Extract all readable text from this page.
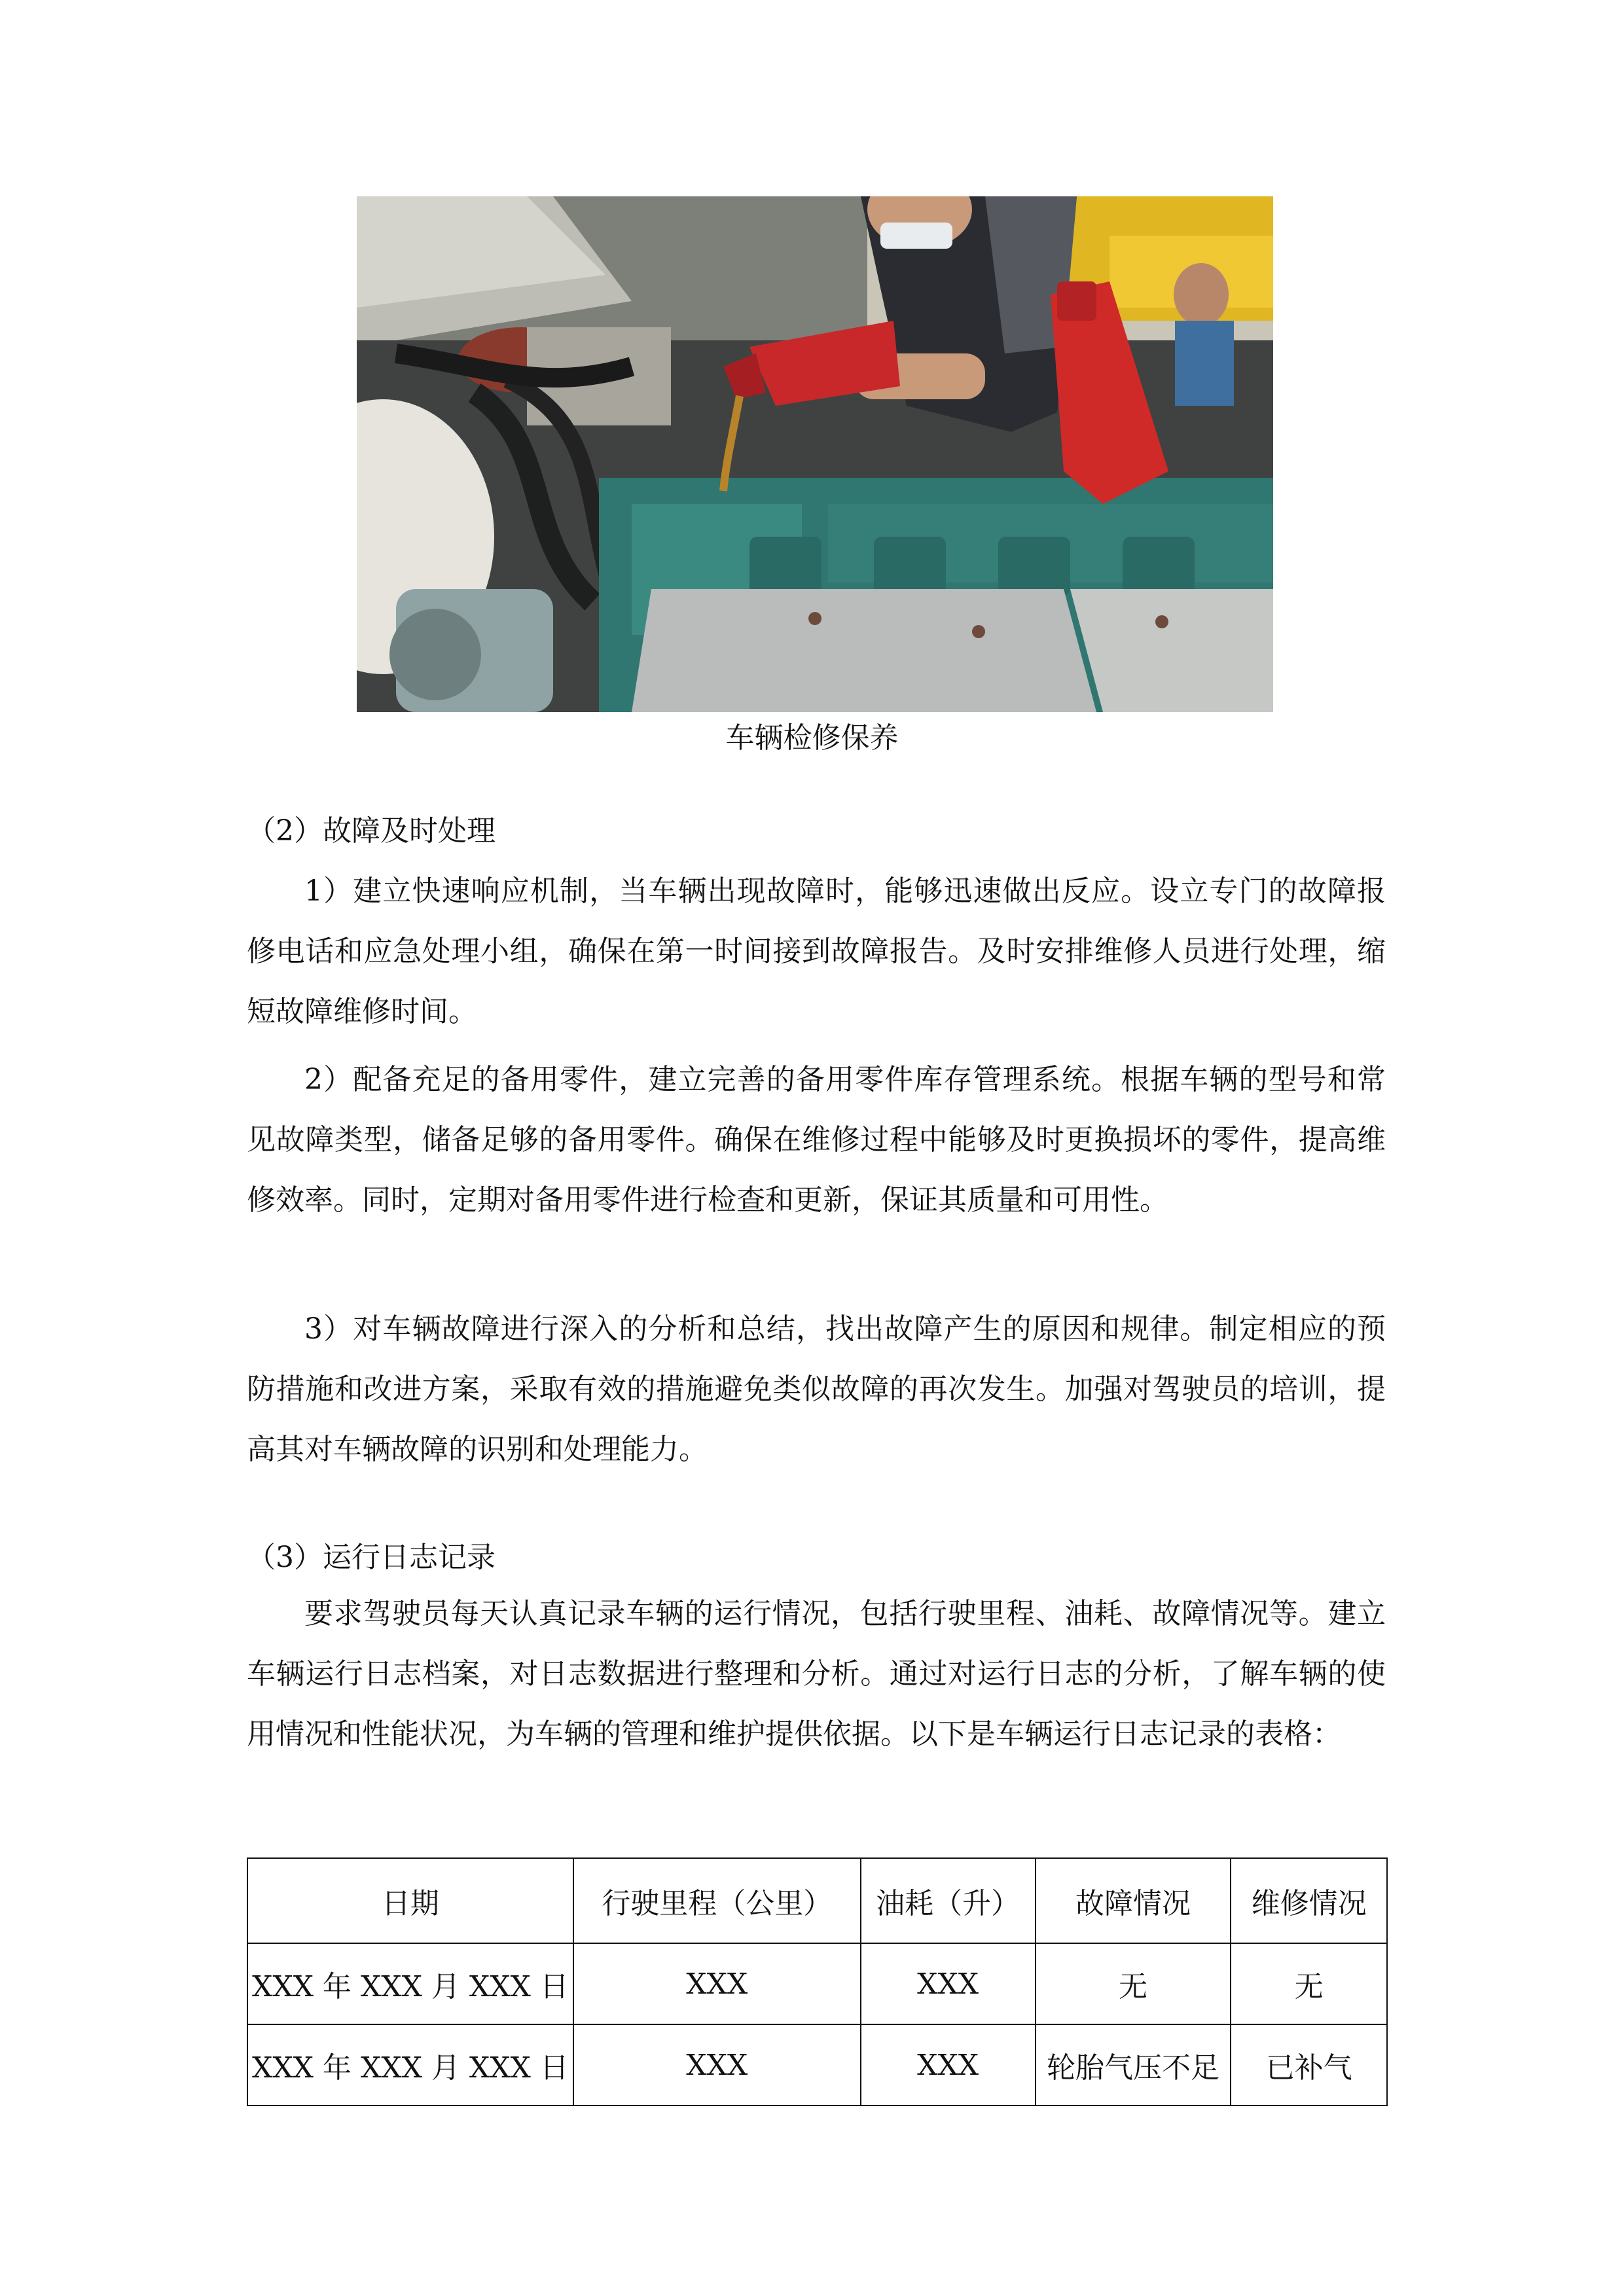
车辆检修保养
（2）故障及时处理
1）建立快速响应机制，当车辆出现故障时，能够迅速做出反应。设立专门的故障报修电话和应急处理小组，确保在第一时间接到故障报告。及时安排维修人员进行处理，缩短故障维修时间。
2）配备充足的备用零件，建立完善的备用零件库存管理系统。根据车辆的型号和常见故障类型，储备足够的备用零件。确保在维修过程中能够及时更换损坏的零件，提高维修效率。同时，定期对备用零件进行检查和更新，保证其质量和可用性。
3）对车辆故障进行深入的分析和总结，找出故障产生的原因和规律。制定相应的预防措施和改进方案，采取有效的措施避免类似故障的再次发生。加强对驾驶员的培训，提高其对车辆故障的识别和处理能力。
（3）运行日志记录
要求驾驶员每天认真记录车辆的运行情况，包括行驶里程、油耗、故障情况等。建立车辆运行日志档案，对日志数据进行整理和分析。通过对运行日志的分析，了解车辆的使用情况和性能状况，为车辆的管理和维护提供依据。以下是车辆运行日志记录的表格：
日期	行驶里程（公里）	油耗（升）	故障情况	维修情况
XXX 年 XXX 月 XXX 日	XXX	XXX	无	无
XXX 年 XXX 月 XXX 日	XXX	XXX	轮胎气压不足	已补气
